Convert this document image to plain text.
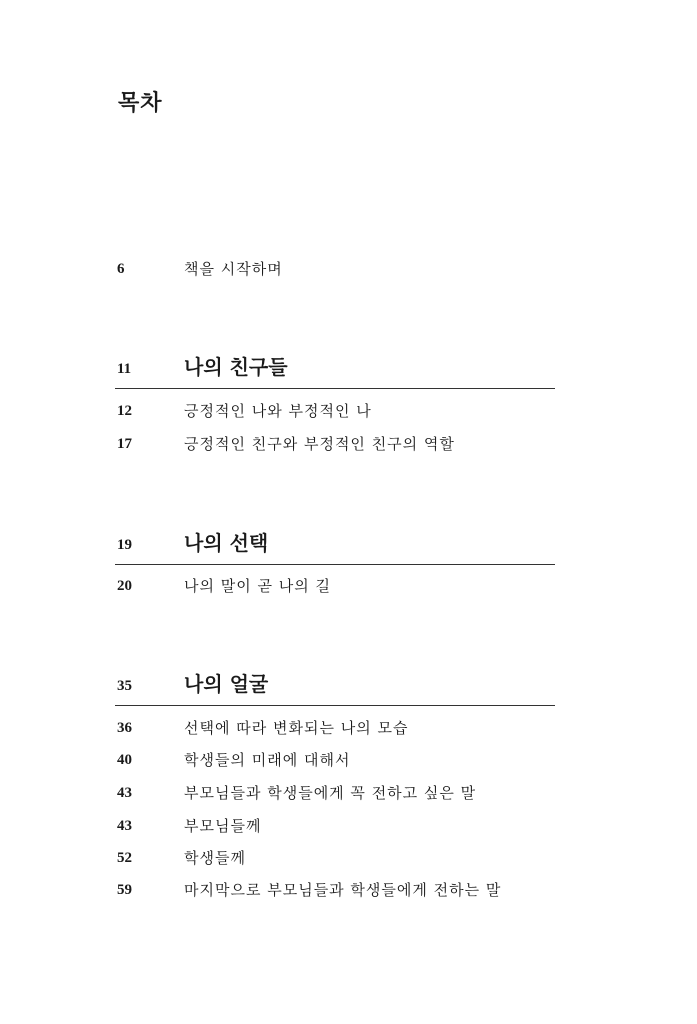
목차
6	책을 시작하며
11	나의 친구들
12	긍정적인 나와 부정적인 나
17	긍정적인 친구와 부정적인 친구의 역할
19	나의 선택
20	나의 말이 곧 나의 길
35	나의 얼굴
36	선택에 따라 변화되는 나의 모습
40	학생들의 미래에 대해서
43	부모님들과 학생들에게 꼭 전하고 싶은 말
43	부모님들께
52	학생들께
59	마지막으로 부모님들과 학생들에게 전하는 말
